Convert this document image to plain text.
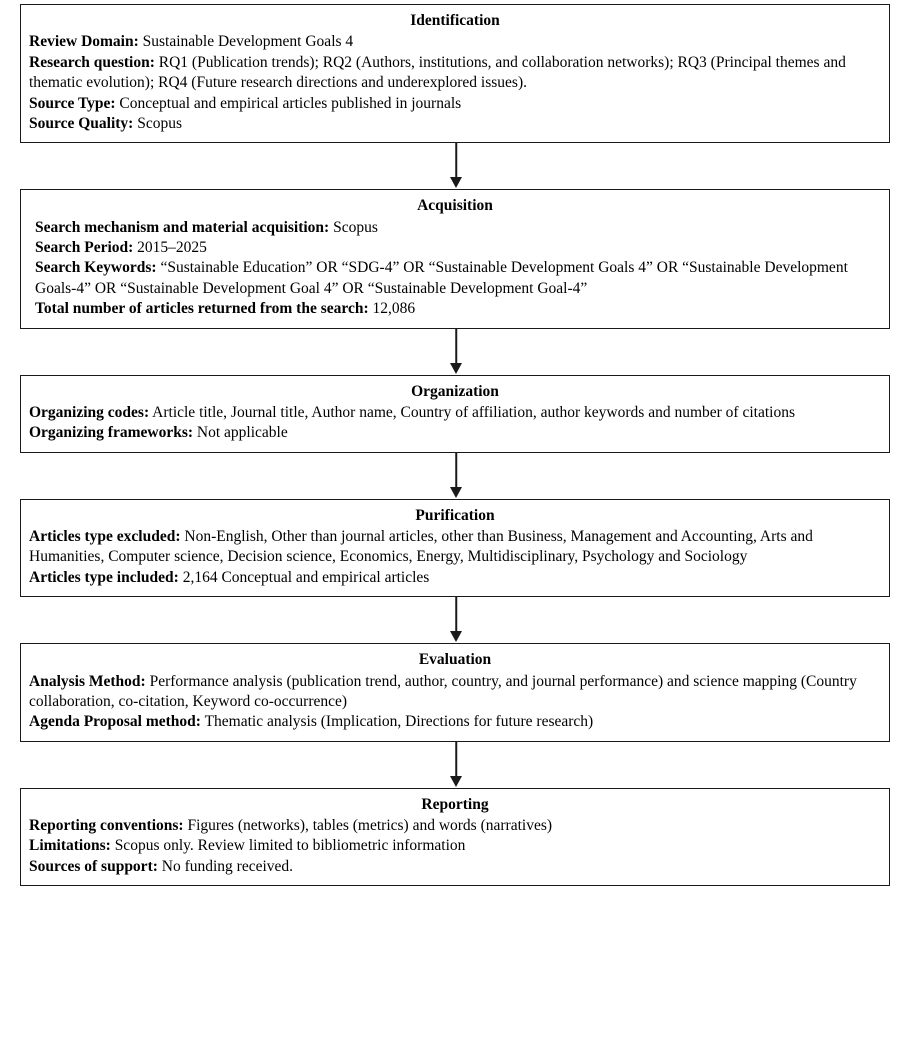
Identification
Review Domain: Sustainable Development Goals 4
Research question: RQ1 (Publication trends); RQ2 (Authors, institutions, and collaboration networks); RQ3 (Principal themes and thematic evolution); RQ4 (Future research directions and underexplored issues).
Source Type: Conceptual and empirical articles published in journals
Source Quality: Scopus
Acquisition
Search mechanism and material acquisition: Scopus
Search Period: 2015–2025
Search Keywords: “Sustainable Education” OR “SDG-4” OR “Sustainable Development Goals 4” OR “Sustainable Development Goals-4” OR “Sustainable Development Goal 4” OR “Sustainable Development Goal-4”
Total number of articles returned from the search: 12,086
Organization
Organizing codes: Article title, Journal title, Author name, Country of affiliation, author keywords and number of citations
Organizing frameworks: Not applicable
Purification
Articles type excluded: Non-English, Other than journal articles, other than Business, Management and Accounting, Arts and Humanities, Computer science, Decision science, Economics, Energy, Multidisciplinary, Psychology and Sociology
Articles type included: 2,164 Conceptual and empirical articles
Evaluation
Analysis Method: Performance analysis (publication trend, author, country, and journal performance) and science mapping (Country collaboration, co-citation, Keyword co-occurrence)
Agenda Proposal method: Thematic analysis (Implication, Directions for future research)
Reporting
Reporting conventions: Figures (networks), tables (metrics) and words (narratives)
Limitations: Scopus only. Review limited to bibliometric information
Sources of support: No funding received.
